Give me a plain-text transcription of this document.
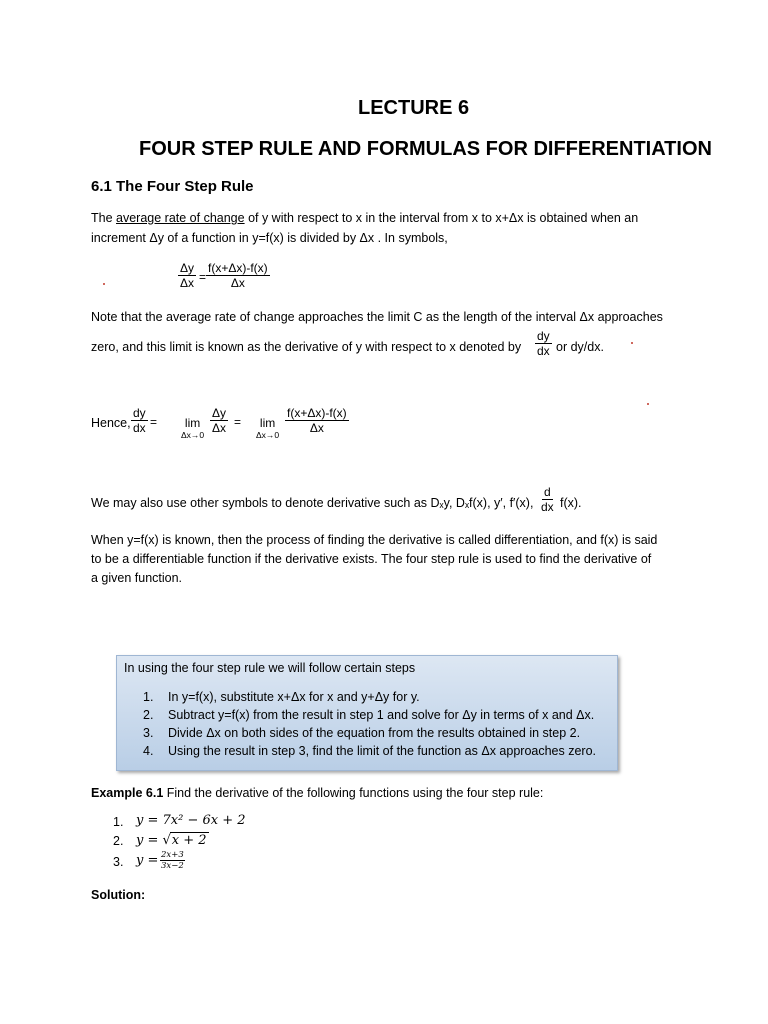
LECTURE 6
FOUR STEP RULE AND FORMULAS FOR DIFFERENTIATION
6.1 The Four Step Rule
The average rate of change of y with respect to x in the interval from x to x+Δx is obtained when an
increment Δy of a function in y=f(x) is divided by Δx . In symbols,
$\frac{\Delta y}{\Delta x} = \frac{f(x+\Delta x)-f(x)}{\Delta x}$
Note that the average rate of change approaches the limit C as the length of the interval Δx approaches
zero, and this limit is known as the derivative of y with respect to x denoted by $\frac{dy}{dx}$ or dy/dx.
Hence, $\frac{dy}{dx} = \lim$
$\Delta x\to 0 \frac{\Delta y}{\Delta x} = \lim$
$\Delta x\to 0 \frac{f(x+\Delta x)-f(x)}{\Delta x}$
We may also use other symbols to denote derivative such as Dₓy, Dₓf(x), y′, f′(x), $\frac{d}{dx} f(x)$.
When y=f(x) is known, then the process of finding the derivative is called differentiation, and f(x) is said
to be a differentiable function if the derivative exists. The four step rule is used to find the derivative of
a given function.
In using the four step rule we will follow certain steps
1. In y=f(x), substitute x+Δx for x and y+Δy for y.
2. Subtract y=f(x) from the result in step 1 and solve for Δy in terms of x and Δx.
3. Divide Δx on both sides of the equation from the results obtained in step 2.
4. Using the result in step 3, find the limit of the function as Δx approaches zero.
Example 6.1 Find the derivative of the following functions using the four step rule:
1. y = 7x² − 6x + 2
2. y = √x + 2
3. $y = \frac{2x+3}{3x-2}$
Solution:
